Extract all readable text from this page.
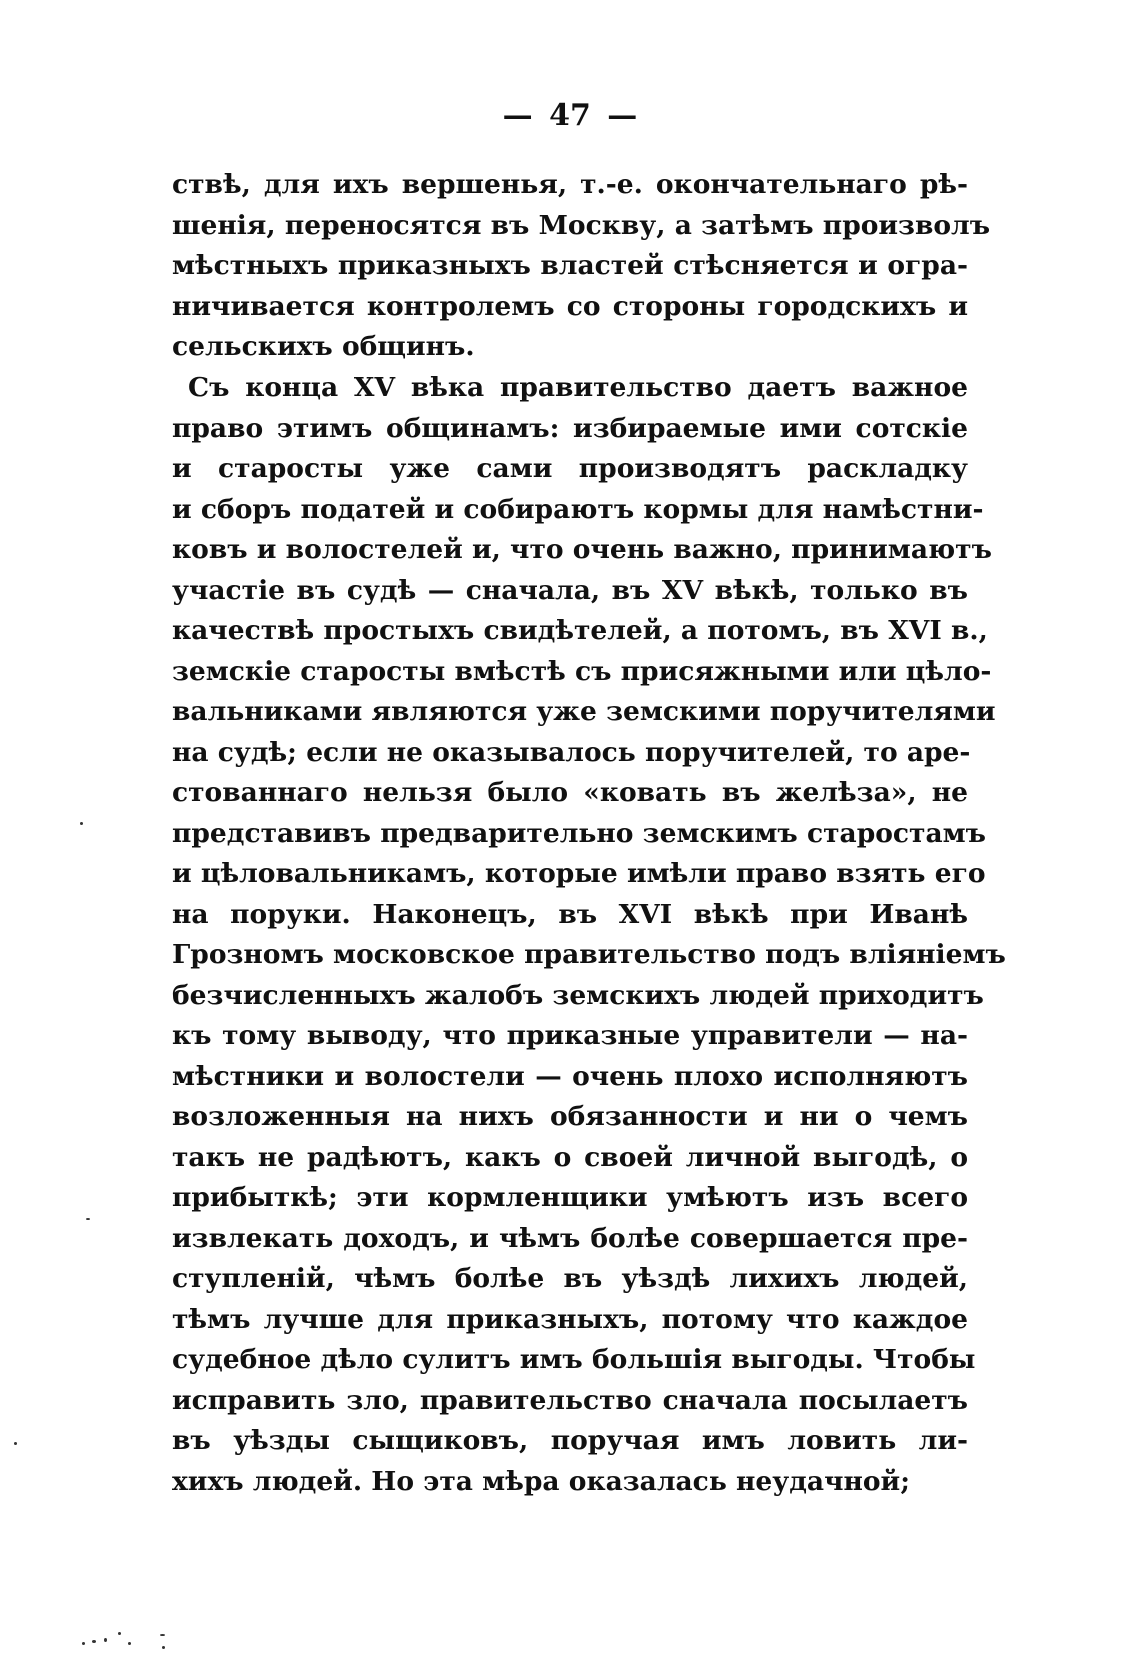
— 47 —
ствѣ, для ихъ вершенья, т.-е. окончательнаго рѣ-
шенія, переносятся въ Москву, а затѣмъ произволъ
мѣстныхъ приказныхъ властей стѣсняется и огра-
ничивается контролемъ со стороны городскихъ и
сельскихъ общинъ.
Съ конца XV вѣка правительство даетъ важное
право этимъ общинамъ: избираемые ими сотскіе
и старосты уже сами производятъ раскладку
и сборъ податей и собираютъ кормы для намѣстни-
ковъ и волостелей и, что очень важно, принимаютъ
участіе въ судѣ — сначала, въ XV вѣкѣ, только въ
качествѣ простыхъ свидѣтелей, а потомъ, въ XVI в.,
земскіе старосты вмѣстѣ съ присяжными или цѣло-
вальниками являются уже земскими поручителями
на судѣ; если не оказывалось поручителей, то аре-
стованнаго нельзя было «ковать въ желѣза», не
представивъ предварительно земскимъ старостамъ
и цѣловальникамъ, которые имѣли право взять его
на поруки. Наконецъ, въ XVI вѣкѣ при Иванѣ
Грозномъ московское правительство подъ вліяніемъ
безчисленныхъ жалобъ земскихъ людей приходитъ
къ тому выводу, что приказные управители — на-
мѣстники и волостели — очень плохо исполняютъ
возложенныя на нихъ обязанности и ни о чемъ
такъ не радѣютъ, какъ о своей личной выгодѣ, о
прибыткѣ; эти кормленщики умѣютъ изъ всего
извлекать доходъ, и чѣмъ болѣе совершается пре-
ступленій, чѣмъ болѣе въ уѣздѣ лихихъ людей,
тѣмъ лучше для приказныхъ, потому что каждое
судебное дѣло сулитъ имъ большія выгоды. Чтобы
исправить зло, правительство сначала посылаетъ
въ уѣзды сыщиковъ, поручая имъ ловить ли-
хихъ людей. Но эта мѣра оказалась неудачной;
